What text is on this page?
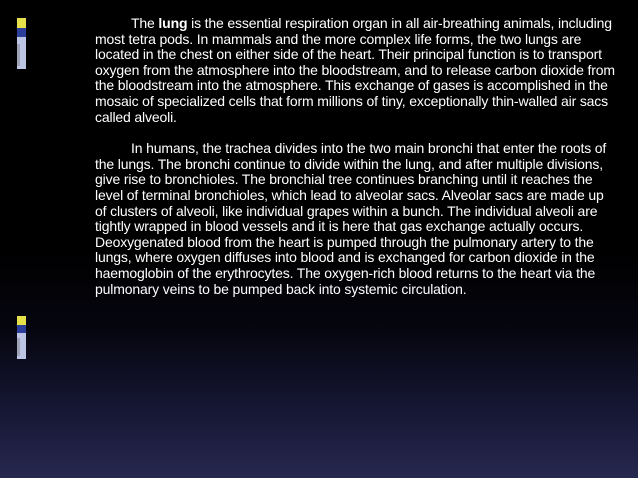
The lung is the essential respiration organ in all air-breathing animals, including most tetra pods. In mammals and the more complex life forms, the two lungs are located in the chest on either side of the heart. Their principal function is to transport oxygen from the atmosphere into the bloodstream, and to release carbon dioxide from the bloodstream into the atmosphere. This exchange of gases is accomplished in the mosaic of specialized cells that form millions of tiny, exceptionally thin-walled air sacs called alveoli.

In humans, the trachea divides into the two main bronchi that enter the roots of the lungs. The bronchi continue to divide within the lung, and after multiple divisions, give rise to bronchioles. The bronchial tree continues branching until it reaches the level of terminal bronchioles, which lead to alveolar sacs. Alveolar sacs are made up of clusters of alveoli, like individual grapes within a bunch. The individual alveoli are tightly wrapped in blood vessels and it is here that gas exchange actually occurs. Deoxygenated blood from the heart is pumped through the pulmonary artery to the lungs, where oxygen diffuses into blood and is exchanged for carbon dioxide in the haemoglobin of the erythrocytes. The oxygen-rich blood returns to the heart via the pulmonary veins to be pumped back into systemic circulation.
